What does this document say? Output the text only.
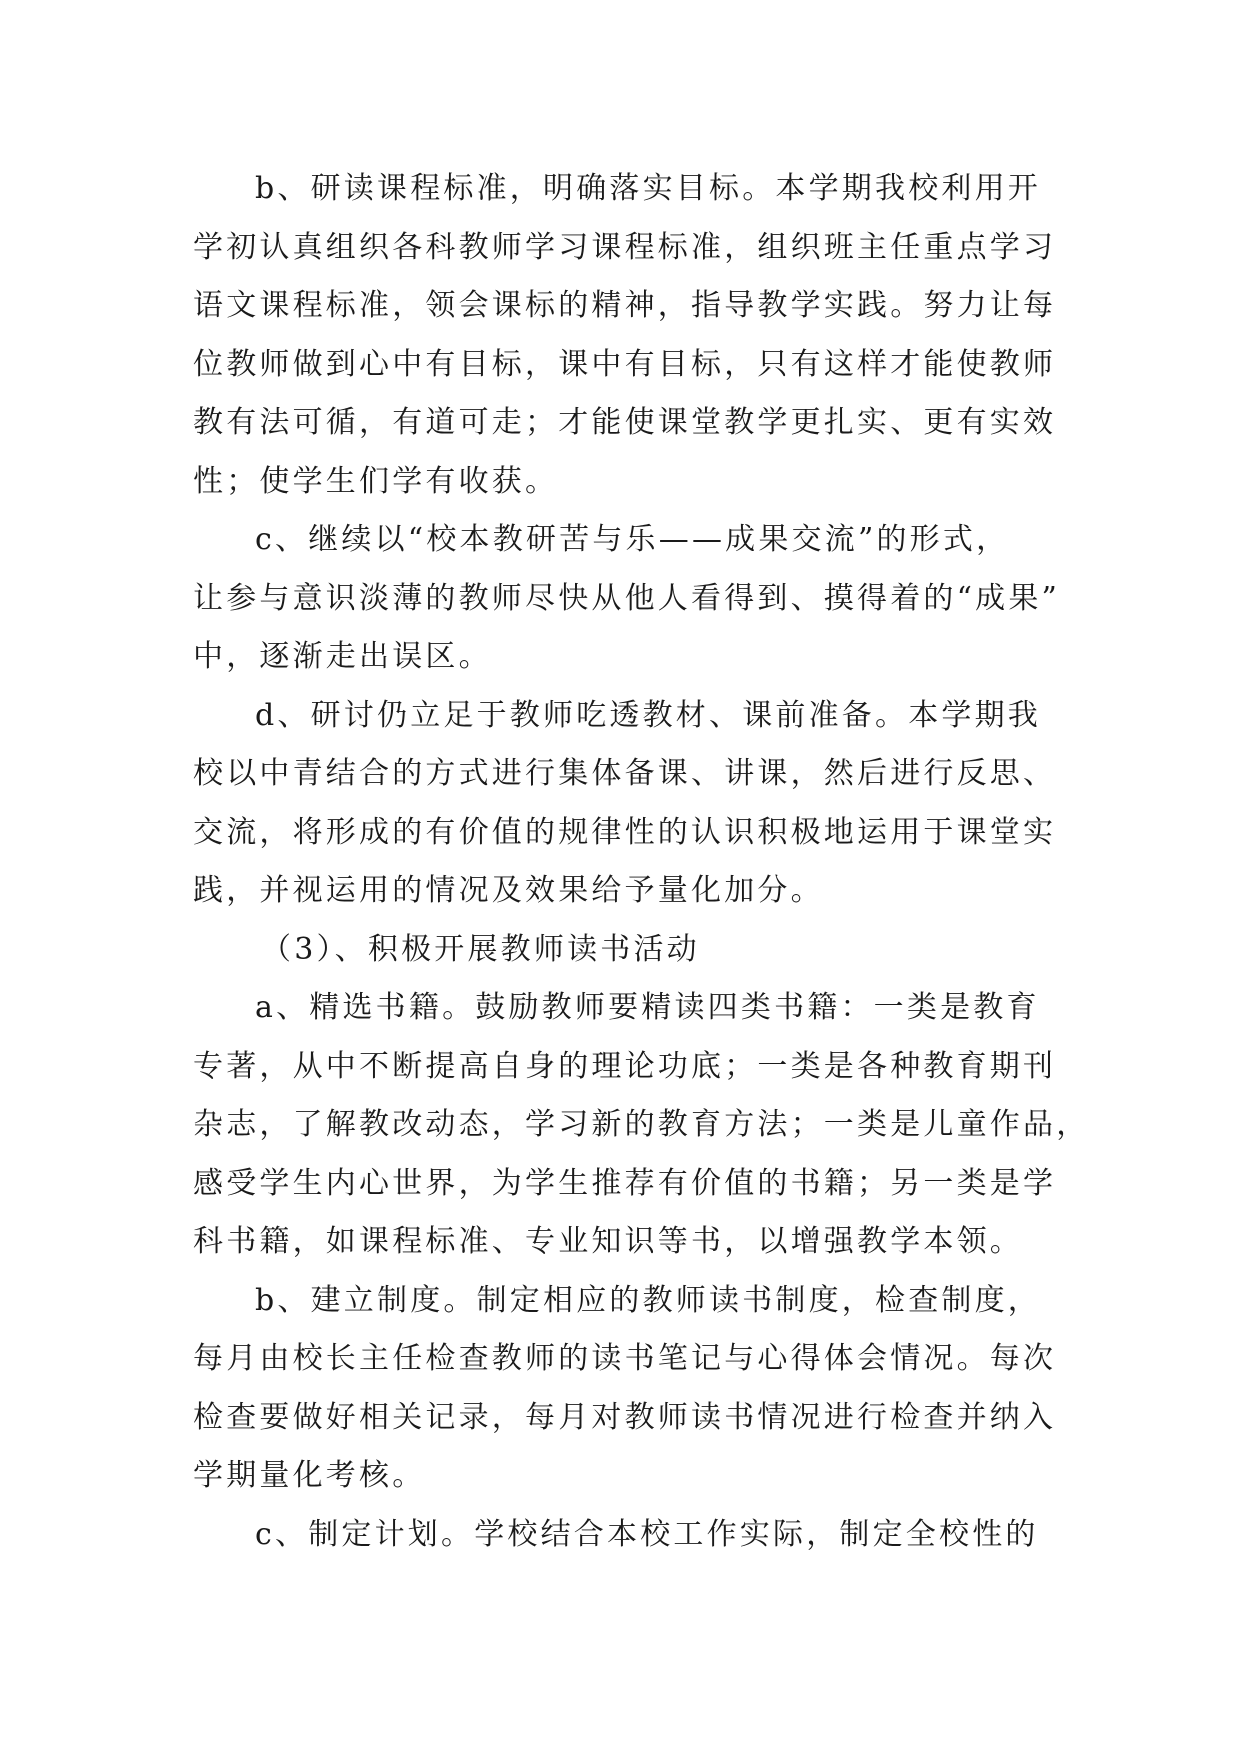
b、研读课程标准，明确落实目标。本学期我校利用开
学初认真组织各科教师学习课程标准，组织班主任重点学习
语文课程标准，领会课标的精神，指导教学实践。努力让每
位教师做到心中有目标，课中有目标，只有这样才能使教师
教有法可循，有道可走；才能使课堂教学更扎实、更有实效
性；使学生们学有收获。
c、继续以“校本教研苦与乐——成果交流”的形式，
让参与意识淡薄的教师尽快从他人看得到、摸得着的“成果”
中，逐渐走出误区。
d、研讨仍立足于教师吃透教材、课前准备。本学期我
校以中青结合的方式进行集体备课、讲课，然后进行反思、
交流，将形成的有价值的规律性的认识积极地运用于课堂实
践，并视运用的情况及效果给予量化加分。
（3）、积极开展教师读书活动
a、精选书籍。鼓励教师要精读四类书籍：一类是教育
专著，从中不断提高自身的理论功底；一类是各种教育期刊
杂志，了解教改动态，学习新的教育方法；一类是儿童作品，
感受学生内心世界，为学生推荐有价值的书籍；另一类是学
科书籍，如课程标准、专业知识等书，以增强教学本领。
b、建立制度。制定相应的教师读书制度，检查制度，
每月由校长主任检查教师的读书笔记与心得体会情况。每次
检查要做好相关记录，每月对教师读书情况进行检查并纳入
学期量化考核。
c、制定计划。学校结合本校工作实际，制定全校性的
